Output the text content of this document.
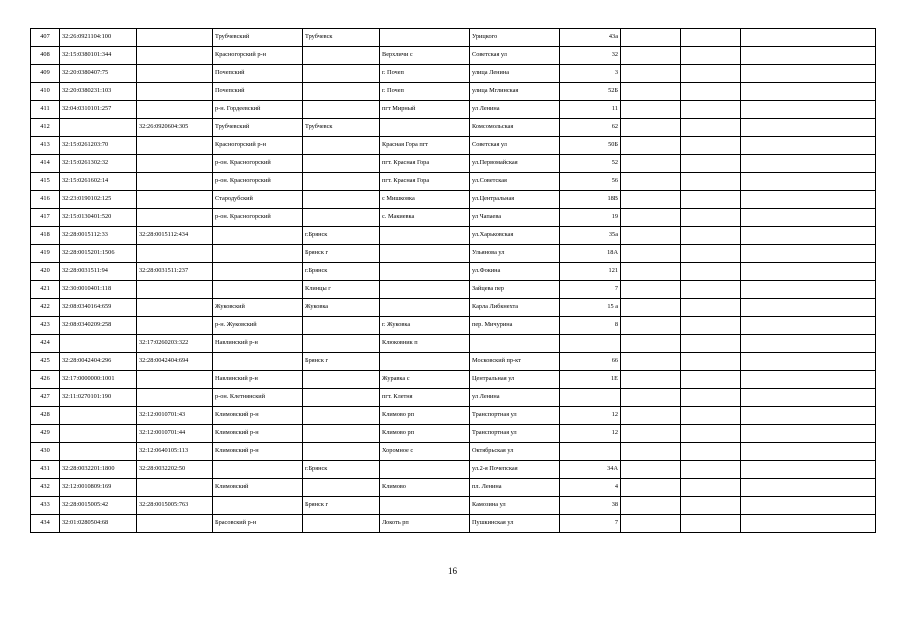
407	32:26:0921104:100		Трубчевский	Трубчевск		Урицкого	43а			
408	32:15:0380101:344		Красногорский р-н		Верхличи с	Советская ул	32			
409	32:20:0380407:75		Почепский		г. Почеп	улица Ленина	3			
410	32:20:0380231:103		Почепский		г. Почеп	улица Мглинская	52Б			
411	32:04:0310101:257		р-н. Гордеевский		пгт Мирный	ул Ленина	11			
412		32:26:0920604:305	Трубчевский	Трубчевск		Комсомольская	62			
413	32:15:0261203:70		Красногорский р-н		Красная Гора пгт	Советская ул	50Б			
414	32:15:0261302:32		р-он. Красногорский		пгт. Красная Гора	ул.Первомайская	52			
415	32:15:0261602:14		р-он. Красногорский		пгт. Красная Гора	ул.Советская	56			
416	32:23:0190102:125		Стародубский		с Мишковка	ул.Центральная	18В			
417	32:15:0130401:520		р-он. Красногорский		с. Макиевка	ул Чапаева	19			
418	32:28:0015112:33	32:28:0015112:434		г.Брянск		ул.Харьковская	35а			
419	32:28:0015201:1506			Брянск г		Ульянова ул	18А			
420	32:28:0031511:94	32:28:0031511:237		г.Брянск		ул.Фокина	121			
421	32:30:0010401:118			Клинцы г		Зайцева пер	7			
422	32:08:0340164:659		Жуковский	Жуковка		Карла Либкнехта	15 а			
423	32:08:0340209:258		р-н. Жуковский		г. Жуковка	пер. Мичурина	8			
424		32:17:0260203:322	Навлинский р-н		Клюковник п					
425	32:28:0042404:296	32:28:0042404:694		Брянск г		Московский пр-кт	66			
426	32:17:0000000:1001		Навлинский р-н		Журавка с	Центральная ул	1Е			
427	32:11:0270101:190		р-он. Клетнянский		пгт. Клетня	ул Ленина				
428		32:12:0010701:43	Климовский р-н		Климово рп	Транспортная ул	12			
429		32:12:0010701:44	Климовский р-н		Климово рп	Транспортная ул	12			
430		32:12:0640105:113	Климовский р-н		Хоромное с	Октябрьская ул				
431	32:28:0032201:1800	32:28:0032202:50		г.Брянск		ул.2-я Почепская	34А			
432	32:12:0010809:169		Климовский		Климово	пл. Ленина	4			
433	32:28:0015005:42	32:28:0015005:763		Брянск г		Камозина ул	38			
434	32:01:0280504:68		Брасовский р-н		Локоть рп	Пушкинская ул	7			
16
